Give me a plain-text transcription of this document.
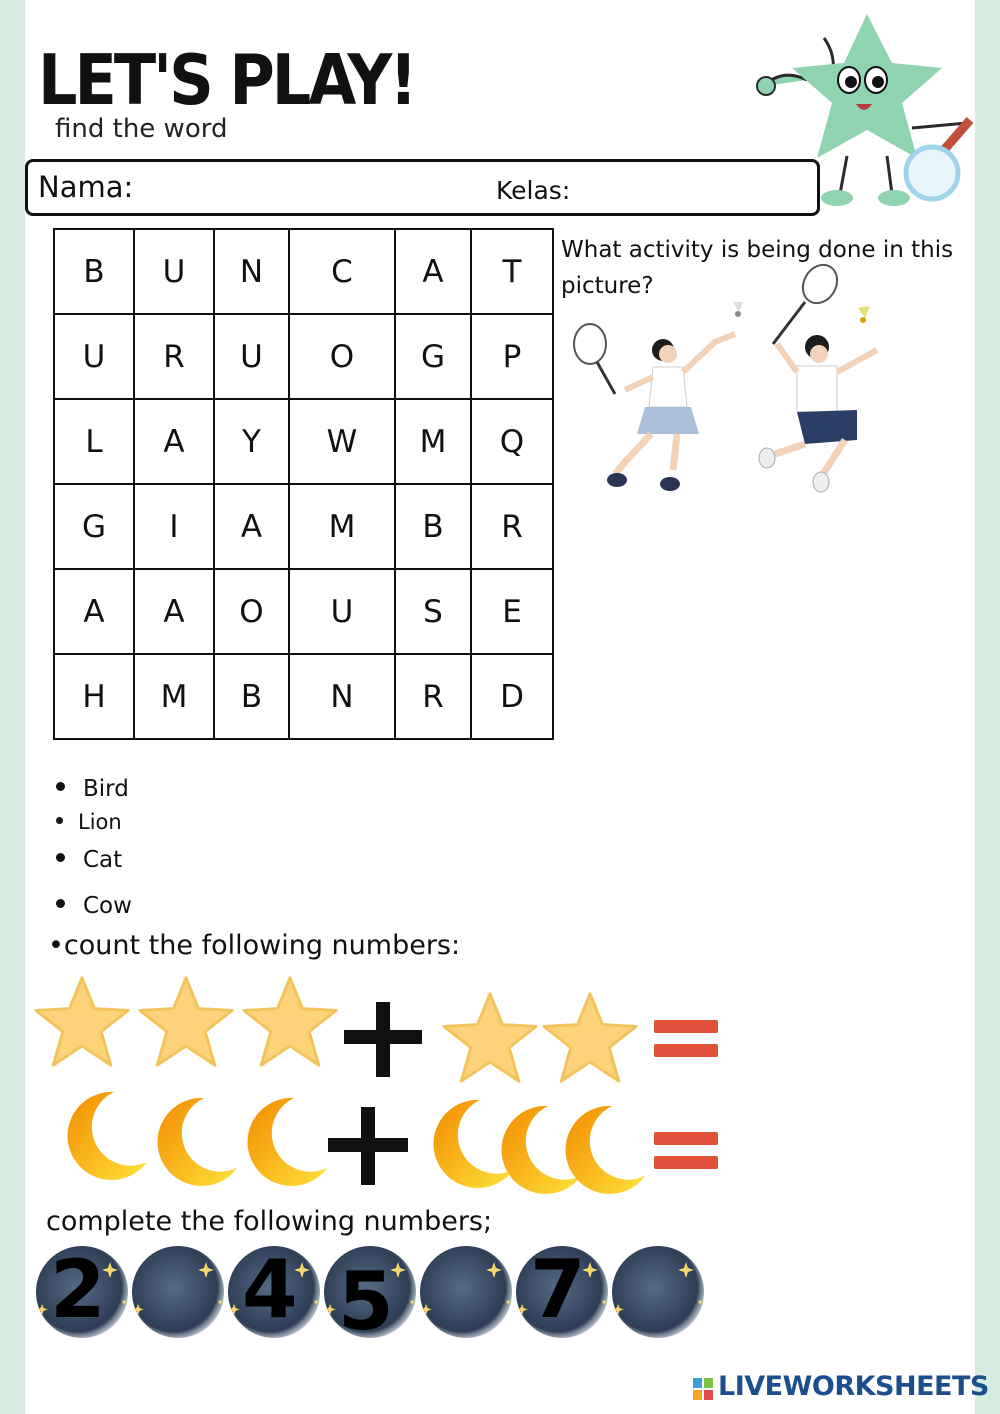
LET'S PLAY!
find the word
Nama:	Kelas:
B	U	N	C	A	T
U	R	U	O	G	P
L	A	Y	W	M	Q
G	I	A	M	B	R
A	A	O	U	S	E
H	M	B	N	R	D
What activity is being done in this picture?
Bird
Lion
Cat
Cow
•count the following numbers:
complete the following numbers;
2 4 5 7
LIVEWORKSHEETS
